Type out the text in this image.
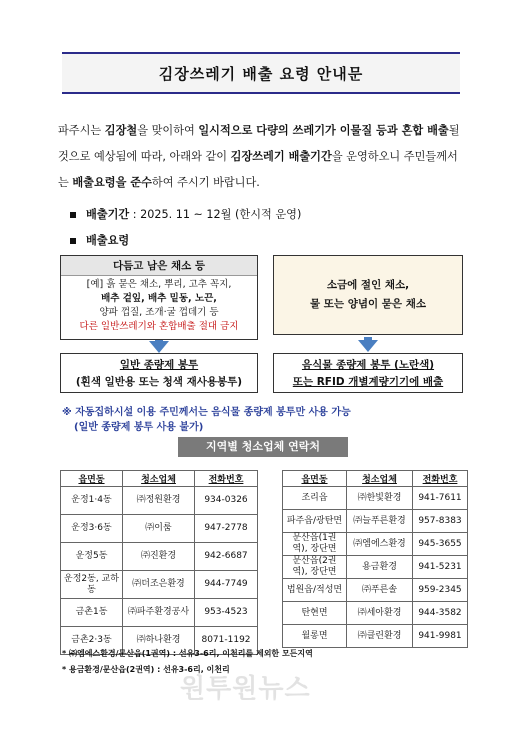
김장쓰레기 배출 요령 안내문
파주시는 김장철을 맞이하여 일시적으로 다량의 쓰레기가 이물질 등과 혼합 배출될 것으로 예상됨에 따라, 아래와 같이 김장쓰레기 배출기간을 운영하오니 주민들께서는 배출요령을 준수하여 주시기 바랍니다.
배출기간 : 2025. 11 ~ 12월 (한시적 운영)
배출요령
다듬고 남은 채소 등
[예] 흙 묻은 채소, 뿌리, 고추 꼭지,
배추 겉잎, 배추 밑동, 노끈,
양파 껍질, 조개·굴 껍데기 등
다른 일반쓰레기와 혼합배출 절대 금지
소금에 절인 채소,
물 또는 양념이 묻은 채소
일반 종량제 봉투
(흰색 일반용 또는 청색 재사용봉투)
음식물 종량제 봉투 (노란색)
또는 RFID 개별계량기기에 배출
※ 자동집하시설 이용 주민께서는 음식물 종량제 봉투만 사용 가능
(일반 종량제 봉투 사용 불가)
지역별 청소업체 연락처
읍면동	청소업체	전화번호
운정1·4동	㈜정원환경	934-0326
운정3·6동	㈜이룸	947-2778
운정5동	㈜진환경	942-6687
운정2동, 교하동	㈜더조은환경	944-7749
금촌1동	㈜파주환경공사	953-4523
금촌2·3동	㈜하나환경	8071-1192
읍면동	청소업체	전화번호
조리읍	㈜한빛환경	941-7611
파주읍/광탄면	㈜늘푸른환경	957-8383
문산읍(1권역), 장단면	㈜엠에스환경	945-3655
문산읍(2권역), 장단면	용금환경	941-5231
법원읍/적성면	㈜푸른솔	959-2345
탄현면	㈜세아환경	944-3582
월롱면	㈜클린환경	941-9981
* ㈜엠에스환경/문산읍(1권역) : 선유3-6리, 이천리를 제외한 모든지역
* 용금환경/문산읍(2권역) : 선유3-6리, 이천리
원투원뉴스
